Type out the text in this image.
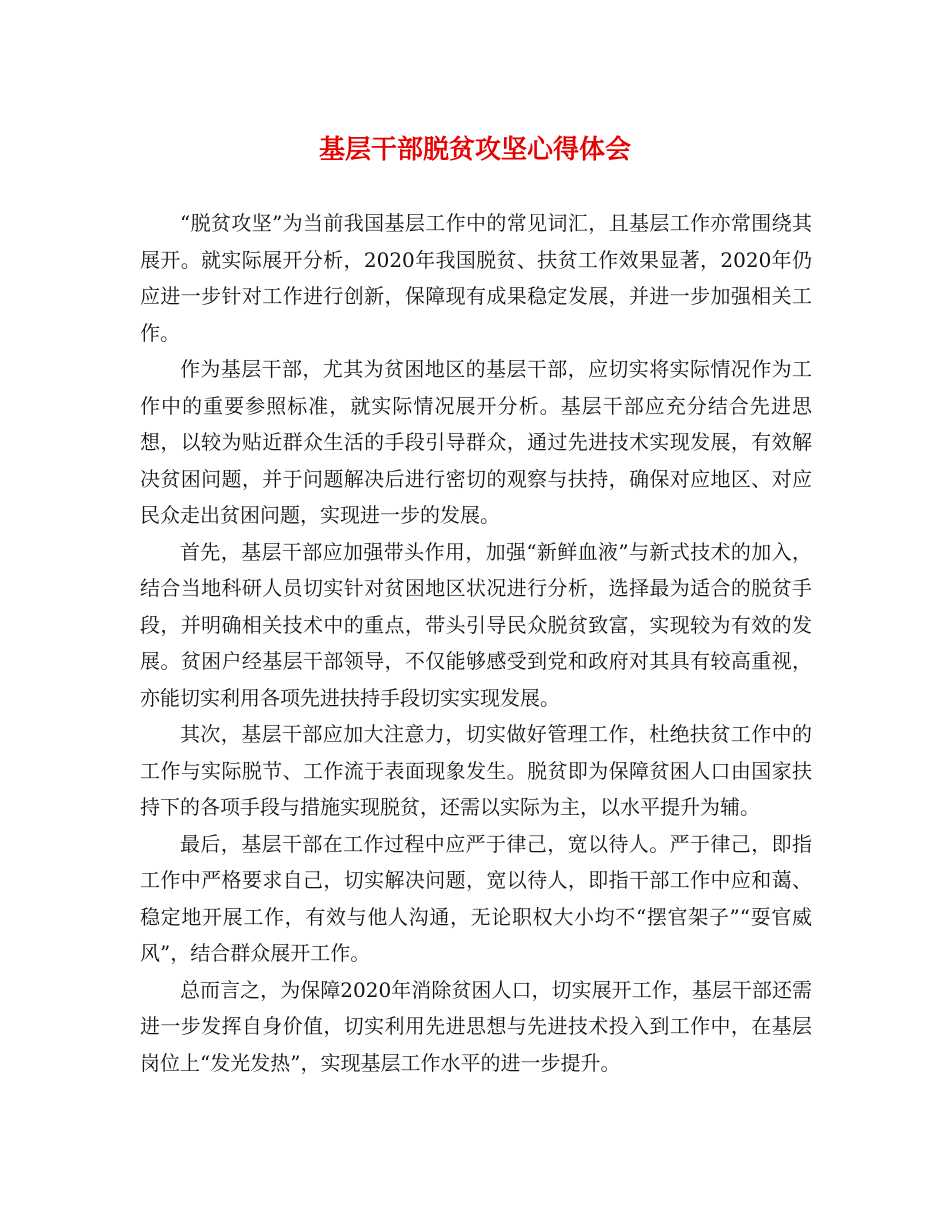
基层干部脱贫攻坚心得体会

“脱贫攻坚”为当前我国基层工作中的常见词汇，且基层工作亦常围绕其展开。就实际展开分析，2020年我国脱贫、扶贫工作效果显著，2020年仍应进一步针对工作进行创新，保障现有成果稳定发展，并进一步加强相关工作。

作为基层干部，尤其为贫困地区的基层干部，应切实将实际情况作为工作中的重要参照标准，就实际情况展开分析。基层干部应充分结合先进思想，以较为贴近群众生活的手段引导群众，通过先进技术实现发展，有效解决贫困问题，并于问题解决后进行密切的观察与扶持，确保对应地区、对应民众走出贫困问题，实现进一步的发展。

首先，基层干部应加强带头作用，加强“新鲜血液”与新式技术的加入，结合当地科研人员切实针对贫困地区状况进行分析，选择最为适合的脱贫手段，并明确相关技术中的重点，带头引导民众脱贫致富，实现较为有效的发展。贫困户经基层干部领导，不仅能够感受到党和政府对其具有较高重视，亦能切实利用各项先进扶持手段切实实现发展。

其次，基层干部应加大注意力，切实做好管理工作，杜绝扶贫工作中的工作与实际脱节、工作流于表面现象发生。脱贫即为保障贫困人口由国家扶持下的各项手段与措施实现脱贫，还需以实际为主，以水平提升为辅。

最后，基层干部在工作过程中应严于律己，宽以待人。严于律己，即指工作中严格要求自己，切实解决问题，宽以待人，即指干部工作中应和蔼、稳定地开展工作，有效与他人沟通，无论职权大小均不“摆官架子”“耍官威风”，结合群众展开工作。

总而言之，为保障2020年消除贫困人口，切实展开工作，基层干部还需进一步发挥自身价值，切实利用先进思想与先进技术投入到工作中，在基层岗位上“发光发热”，实现基层工作水平的进一步提升。
